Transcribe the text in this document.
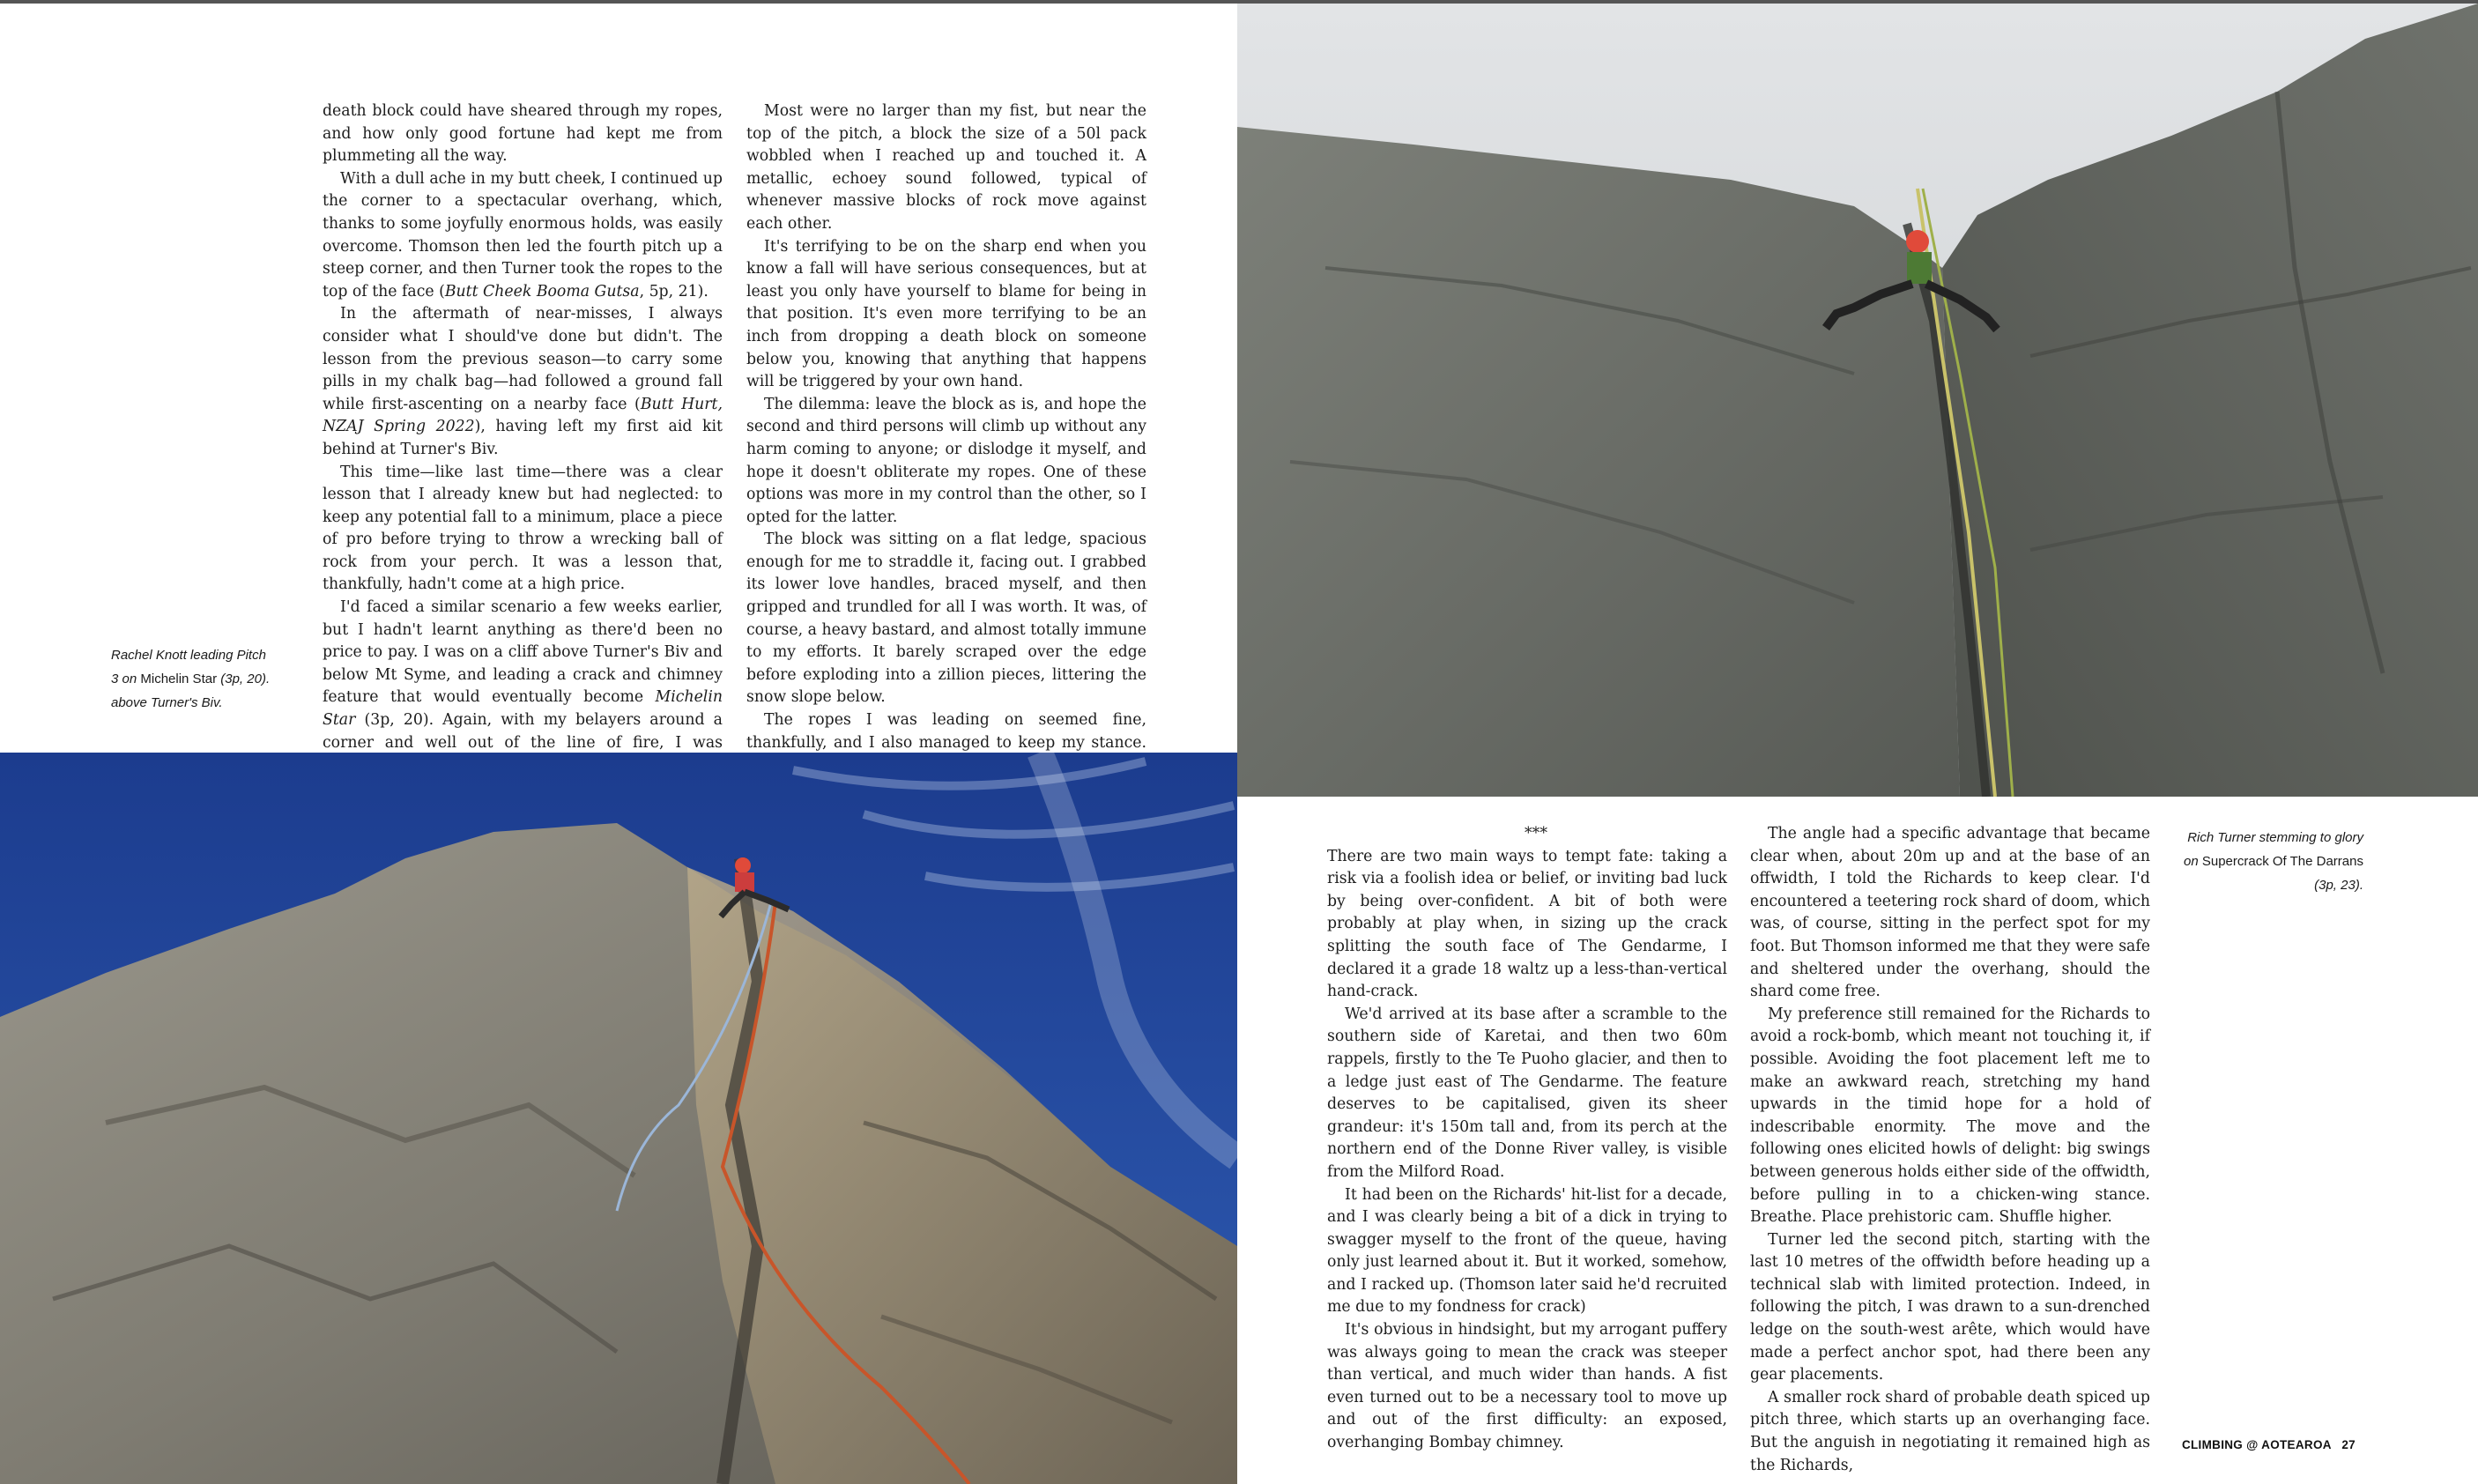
death block could have sheared through my ropes, and how only good fortune had kept me from plummeting all the way.

With a dull ache in my butt cheek, I continued up the corner to a spectacular overhang, which, thanks to some joyfully enormous holds, was easily overcome. Thomson then led the fourth pitch up a steep corner, and then Turner took the ropes to the top of the face (Butt Cheek Booma Gutsa, 5p, 21).

In the aftermath of near-misses, I always consider what I should've done but didn't. The lesson from the previous season—to carry some pills in my chalk bag—had followed a ground fall while first-ascenting on a nearby face (Butt Hurt, NZAJ Spring 2022), having left my first aid kit behind at Turner's Biv.

This time—like last time—there was a clear lesson that I already knew but had neglected: to keep any potential fall to a minimum, place a piece of pro before trying to throw a wrecking ball of rock from your perch. It was a lesson that, thankfully, hadn't come at a high price.

I'd faced a similar scenario a few weeks earlier, but I hadn't learnt anything as there'd been no price to pay. I was on a cliff above Turner's Biv and below Mt Syme, and leading a crack and chimney feature that would eventually become Michelin Star (3p, 20). Again, with my belayers around a corner and well out of the line of fire, I was

Most were no larger than my fist, but near the top of the pitch, a block the size of a 50l pack wobbled when I reached up and touched it. A metallic, echoey sound followed, typical of whenever massive blocks of rock move against each other.

It's terrifying to be on the sharp end when you know a fall will have serious consequences, but at least you only have yourself to blame for being in that position. It's even more terrifying to be an inch from dropping a death block on someone below you, knowing that anything that happens will be triggered by your own hand.

The dilemma: leave the block as is, and hope the second and third persons will climb up without any harm coming to anyone; or dislodge it myself, and hope it doesn't obliterate my ropes. One of these options was more in my control than the other, so I opted for the latter.

The block was sitting on a flat ledge, spacious enough for me to straddle it, facing out. I grabbed its lower love handles, braced myself, and then gripped and trundled for all I was worth. It was, of course, a heavy bastard, and almost totally immune to my efforts. It barely scraped over the edge before exploding into a zillion pieces, littering the snow slope below.

The ropes I was leading on seemed fine, thankfully, and I also managed to keep my stance.

Rachel Knott leading Pitch
3 on Michelin Star (3p, 20).
above Turner's Biv.

***

There are two main ways to tempt fate: taking a risk via a foolish idea or belief, or inviting bad luck by being over-confident. A bit of both were probably at play when, in sizing up the crack splitting the south face of The Gendarme, I declared it a grade 18 waltz up a less-than-vertical hand-crack.

We'd arrived at its base after a scramble to the southern side of Karetai, and then two 60m rappels, firstly to the Te Puoho glacier, and then to a ledge just east of The Gendarme. The feature deserves to be capitalised, given its sheer grandeur: it's 150m tall and, from its perch at the northern end of the Donne River valley, is visible from the Milford Road.

It had been on the Richards' hit-list for a decade, and I was clearly being a bit of a dick in trying to swagger myself to the front of the queue, having only just learned about it. But it worked, somehow, and I racked up. (Thomson later said he'd recruited me due to my fondness for crack)

It's obvious in hindsight, but my arrogant puffery was always going to mean the crack was steeper than vertical, and much wider than hands. A fist even turned out to be a necessary tool to move up and out of the first difficulty: an exposed, overhanging Bombay chimney.

The angle had a specific advantage that became clear when, about 20m up and at the base of an offwidth, I told the Richards to keep clear. I'd encountered a teetering rock shard of doom, which was, of course, sitting in the perfect spot for my foot. But Thomson informed me that they were safe and sheltered under the overhang, should the shard come free.

My preference still remained for the Richards to avoid a rock-bomb, which meant not touching it, if possible. Avoiding the foot placement left me to make an awkward reach, stretching my hand upwards in the timid hope for a hold of indescribable enormity. The move and the following ones elicited howls of delight: big swings between generous holds either side of the offwidth, before pulling in to a chicken-wing stance. Breathe. Place prehistoric cam. Shuffle higher.

Turner led the second pitch, starting with the last 10 metres of the offwidth before heading up a technical slab with limited protection. Indeed, in following the pitch, I was drawn to a sun-drenched ledge on the south-west arête, which would have made a perfect anchor spot, had there been any gear placements.

A smaller rock shard of probable death spiced up pitch three, which starts up an overhanging face. But the anguish in negotiating it remained high as the Richards,

Rich Turner stemming to glory
on Supercrack Of The Darrans
(3p, 23).
CLIMBING @ AOTEAROA 27
